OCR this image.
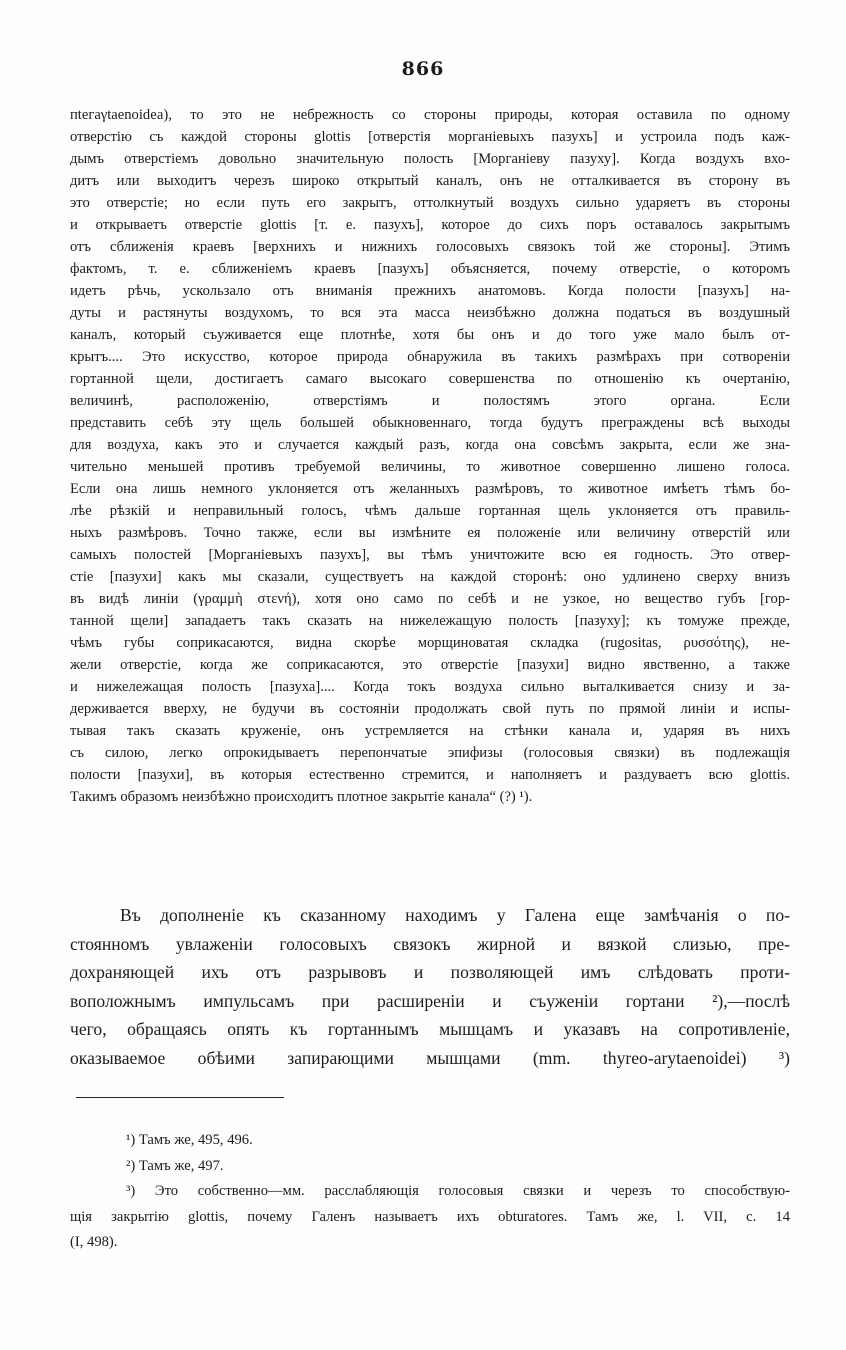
866
пtегаγtаеnоіdеа), то это не небрежность со стороны природы, которая оставила по одному
отверстію съ каждой стороны glottis [отверстія морганіевыхъ пазухъ] и устроила подъ каж-
дымъ отверстіемъ довольно значительную полость [Морганіеву пазуху]. Когда воздухъ вхо-
дитъ или выходитъ черезъ широко открытый каналъ, онъ не отталкивается въ сторону въ
это отверстіе; но если путь его закрытъ, оттолкнутый воздухъ сильно ударяетъ въ стороны
и открываетъ отверстіе glottis [т. е. пазухъ], которое до сихъ поръ оставалось закрытымъ
отъ сближенія краевъ [верхнихъ и нижнихъ голосовыхъ связокъ той же стороны]. Этимъ
фактомъ, т. е. сближеніемъ краевъ [пазухъ] объясняется, почему отверстіе, о которомъ
идетъ рѣчь, ускользало отъ вниманія прежнихъ анатомовъ. Когда полости [пазухъ] на-
дуты и растянуты воздухомъ, то вся эта масса неизбѣжно должна податься въ воздушный
каналъ, который съуживается еще плотнѣе, хотя бы онъ и до того уже мало былъ от-
крытъ.... Это искусство, которое природа обнаружила въ такихъ размѣрахъ при сотвореніи
гортанной щели, достигаетъ самаго высокаго совершенства по отношенію къ очертанію,
величинѣ, расположенію, отверстіямъ и полостямъ этого органа. Если
представить себѣ эту щель большей обыкновеннаго, тогда будутъ преграждены всѣ выходы
для воздуха, какъ это и случается каждый разъ, когда она совсѣмъ закрыта, если же зна-
чительно меньшей противъ требуемой величины, то животное совершенно лишено голоса.
Если она лишь немного уклоняется отъ желанныхъ размѣровъ, то животное имѣетъ тѣмъ бо-
лѣе рѣзкій и неправильный голосъ, чѣмъ дальше гортанная щель уклоняется отъ правиль-
ныхъ размѣровъ. Точно также, если вы измѣните ея положеніе или величину отверстій или
самыхъ полостей [Морганіевыхъ пазухъ], вы тѣмъ уничтожите всю ея годность. Это отвер-
стіе [пазухи] какъ мы сказали, существуетъ на каждой сторонѣ: оно удлинено сверху внизъ
въ видѣ линіи (γραμμὴ στενή), хотя оно само по себѣ и не узкое, но вещество губъ [гор-
танной щели] западаетъ такъ сказать на нижележащую полость [пазуху]; къ томуже прежде,
чѣмъ губы соприкасаются, видна скорѣе морщиноватая складка (rugositas, ρυσσότης), не-
жели отверстіе, когда же соприкасаются, это отверстіе [пазухи] видно явственно, а также
и нижележащая полость [пазуха].... Когда токъ воздуха сильно выталкивается снизу и за-
держивается вверху, не будучи въ состояніи продолжать свой путь по прямой линіи и испы-
тывая такъ сказать круженіе, онъ устремляется на стѣнки канала и, ударяя въ нихъ
съ силою, легко опрокидываетъ перепончатые эпифизы (голосовыя связки) въ подлежащія
полости [пазухи], въ которыя естественно стремится, и наполняетъ и раздуваетъ всю glottis.
Такимъ образомъ неизбѣжно происходитъ плотное закрытіе канала“ (?) ¹).
Въ дополненіе къ сказанному находимъ у Галена еще замѣчанія о по-
стоянномъ увлаженіи голосовыхъ связокъ жирной и вязкой слизью, пре-
дохраняющей ихъ отъ разрывовъ и позволяющей имъ слѣдовать проти-
воположнымъ импульсамъ при расширеніи и съуженіи гортани ²),—послѣ
чего, обращаясь опять къ гортаннымъ мышцамъ и указавъ на сопротивленіе,
оказываемое обѣими запирающими мышцами (mm. thyreo-arytaenoidei) ³)
¹) Тамъ же, 495, 496.
²) Тамъ же, 497.
³) Это собственно—мм. расслабляющія голосовыя связки и черезъ то способствую-
щія закрытію glottis, почему Галенъ называетъ ихъ obturatores. Тамъ же, l. VII, c. 14
(I, 498).
